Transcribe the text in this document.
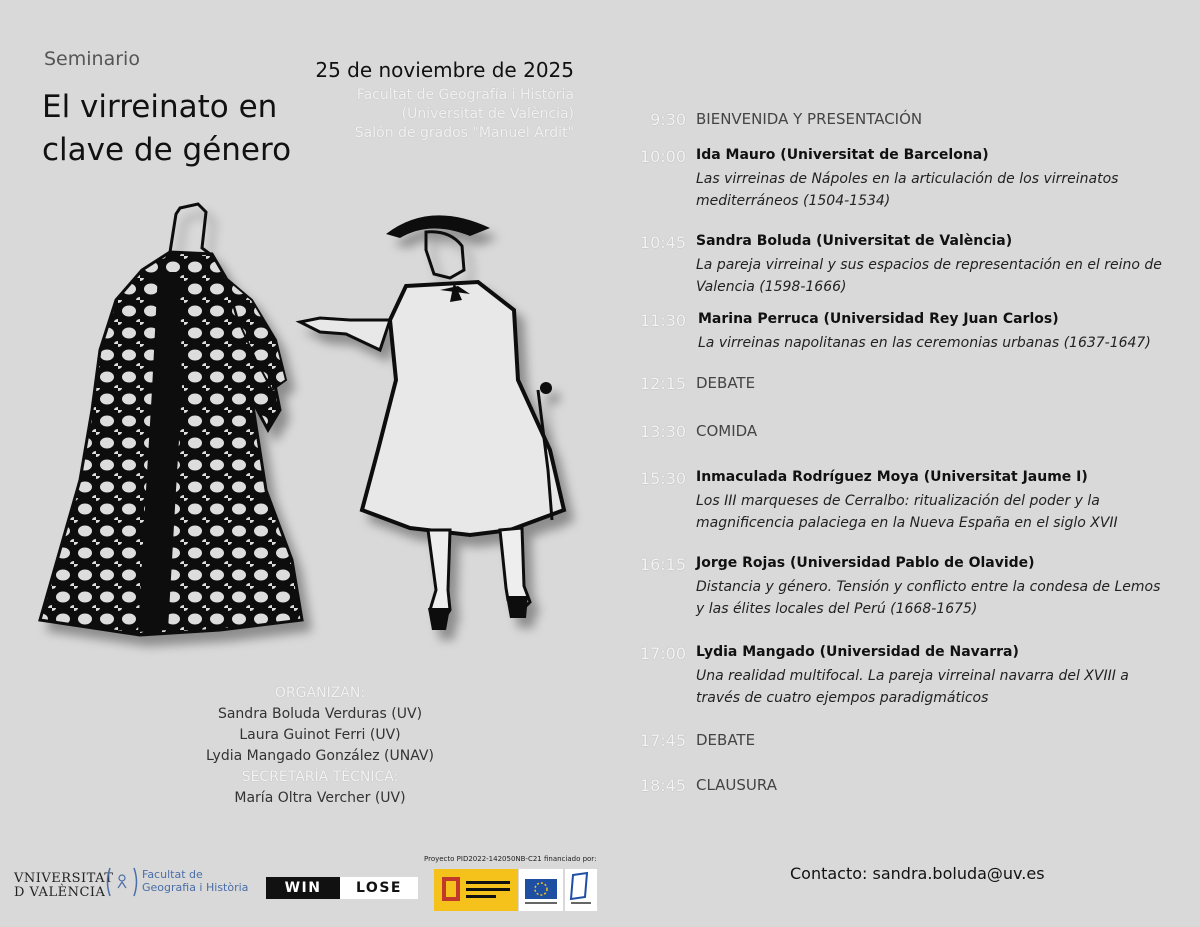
Seminario
El virreinato en
clave de género
25 de noviembre de 2025
Facultat de Geografía i Història
(Universitat de València)
Salón de grados "Manuel Ardit"
ORGANIZAN:
Sandra Boluda Verduras (UV)
Laura Guinot Ferri (UV)
Lydia Mangado González (UNAV)
SECRETARÍA TÉCNICA:
María Oltra Vercher (UV)
9:30 BIENVENIDA Y PRESENTACIÓN
10:00 Ida Mauro (Universitat de Barcelona)
Las virreinas de Nápoles en la articulación de los virreinatos
mediterráneos (1504-1534)
10:45 Sandra Boluda (Universitat de València)
La pareja virreinal y sus espacios de representación en el reino de
Valencia (1598-1666)
11:30 Marina Perruca (Universidad Rey Juan Carlos)
La virreinas napolitanas en las ceremonias urbanas (1637-1647)
12:15 DEBATE
13:30 COMIDA
15:30 Inmaculada Rodríguez Moya (Universitat Jaume I)
Los III marqueses de Cerralbo: ritualización del poder y la
magnificencia palaciega en la Nueva España en el siglo XVII
16:15 Jorge Rojas (Universidad Pablo de Olavide)
Distancia y género. Tensión y conflicto entre la condesa de Lemos
y las élites locales del Perú (1668-1675)
17:00 Lydia Mangado (Universidad de Navarra)
Una realidad multifocal. La pareja virreinal navarra del XVIII a
través de cuatro ejempos paradigmáticos
17:45 DEBATE
18:45 CLAUSURA
VNIVERSITAT
D VALÈNCIA
Facultat de
Geografia i Història	WIN	LOSE
Proyecto PID2022-142050NB-C21 financiado por:
Contacto: sandra.boluda@uv.es
